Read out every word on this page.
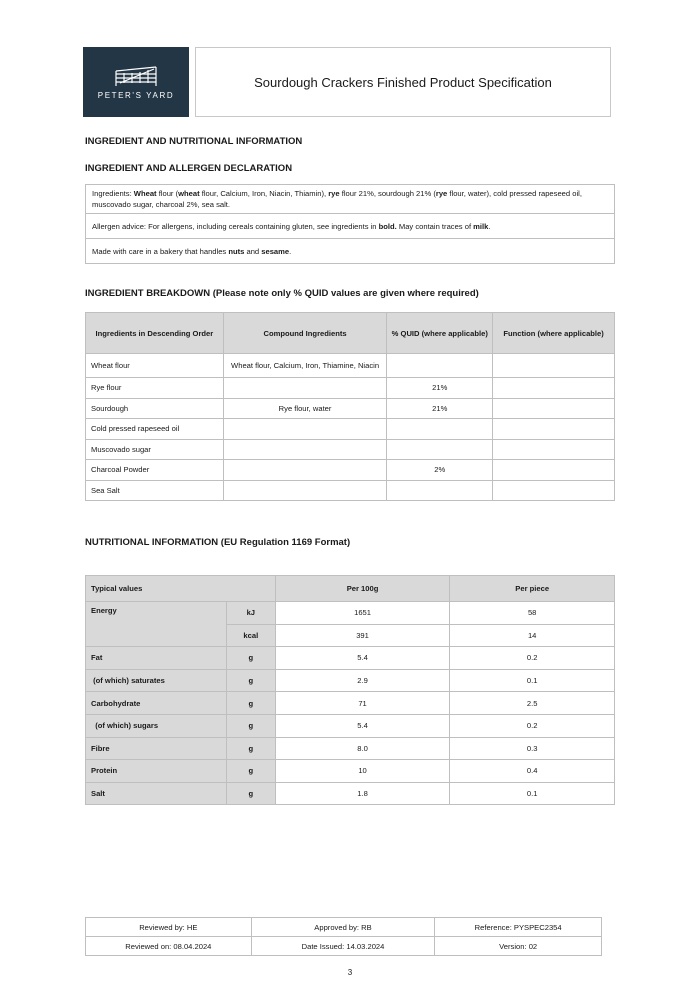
PETER'S YARD
Sourdough Crackers Finished Product Specification
INGREDIENT AND NUTRITIONAL INFORMATION
INGREDIENT AND ALLERGEN DECLARATION
Ingredients: Wheat flour (wheat flour, Calcium, Iron, Niacin, Thiamin), rye flour 21%, sourdough 21% (rye flour, water), cold pressed rapeseed oil, muscovado sugar, charcoal 2%, sea salt.
Allergen advice: For allergens, including cereals containing gluten, see ingredients in bold. May contain traces of milk.
Made with care in a bakery that handles nuts and sesame.
INGREDIENT BREAKDOWN (Please note only % QUID values are given where required)
Ingredients in Descending Order	Compound Ingredients	% QUID (where applicable)	Function (where applicable)
Wheat flour	Wheat flour, Calcium, Iron, Thiamine, Niacin		
Rye flour		21%	
Sourdough	Rye flour, water	21%	
Cold pressed rapeseed oil			
Muscovado sugar			
Charcoal Powder		2%	
Sea Salt			
NUTRITIONAL INFORMATION (EU Regulation 1169 Format)
Typical values		Per 100g	Per piece
Energy	kJ	1651	58
	kcal	391	14
Fat	g	5.4	0.2
(of which) saturates	g	2.9	0.1
Carbohydrate	g	71	2.5
(of which) sugars	g	5.4	0.2
Fibre	g	8.0	0.3
Protein	g	10	0.4
Salt	g	1.8	0.1
Reviewed by: HE	Approved by: RB	Reference: PYSPEC2354
Reviewed on: 08.04.2024	Date Issued: 14.03.2024	Version: 02
3
